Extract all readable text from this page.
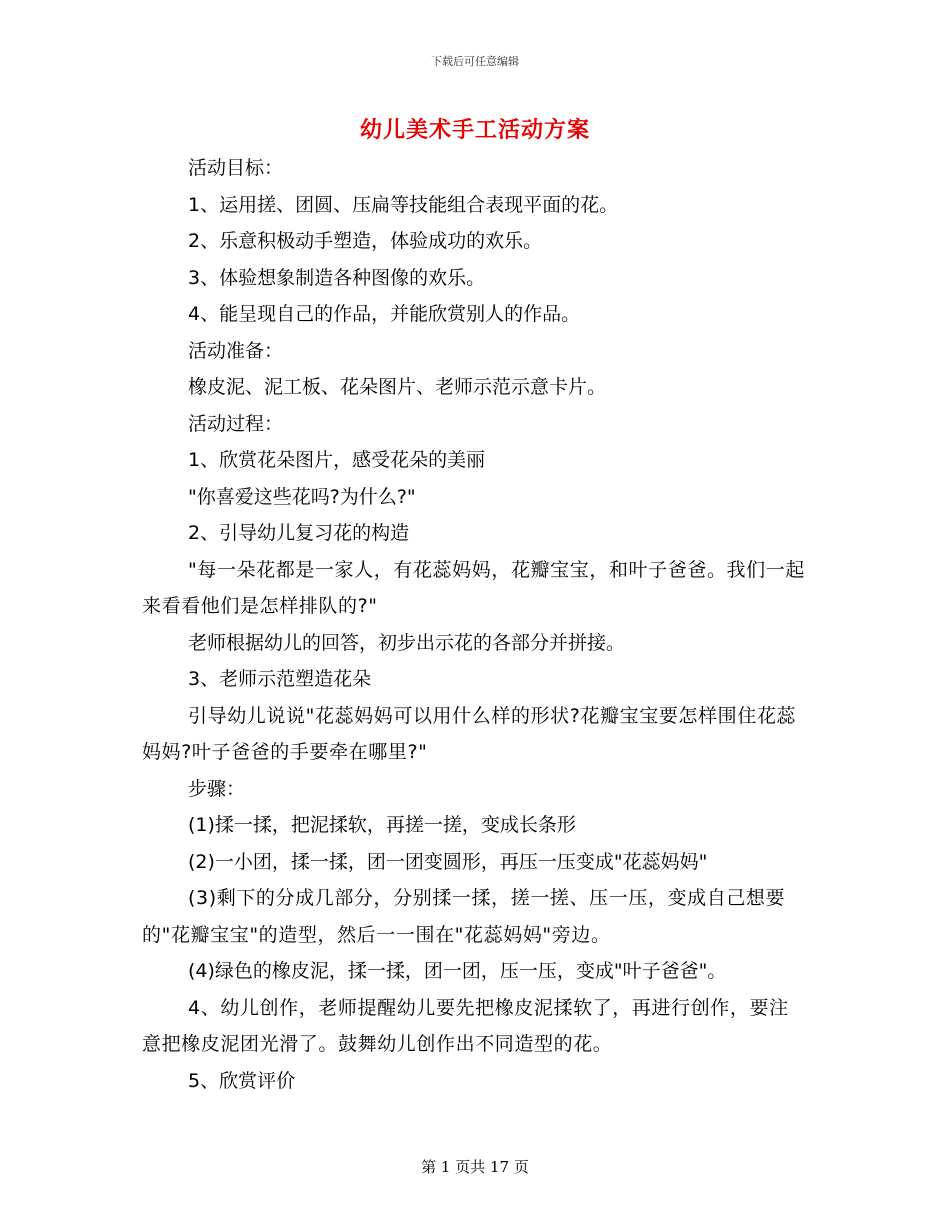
下载后可任意编辑
幼儿美术手工活动方案

活动目标：

1、运用搓、团圆、压扁等技能组合表现平面的花。

2、乐意积极动手塑造，体验成功的欢乐。

3、体验想象制造各种图像的欢乐。

4、能呈现自己的作品，并能欣赏别人的作品。

活动准备：

橡皮泥、泥工板、花朵图片、老师示范示意卡片。

活动过程：

1、欣赏花朵图片，感受花朵的美丽

"你喜爱这些花吗?为什么?"

2、引导幼儿复习花的构造

"每一朵花都是一家人，有花蕊妈妈，花瓣宝宝，和叶子爸爸。我们一起来看看他们是怎样排队的?"

老师根据幼儿的回答，初步出示花的各部分并拼接。

3、老师示范塑造花朵

引导幼儿说说"花蕊妈妈可以用什么样的形状?花瓣宝宝要怎样围住花蕊妈妈?叶子爸爸的手要牵在哪里?"

步骤：

(1)揉一揉，把泥揉软，再搓一搓，变成长条形

(2)一小团，揉一揉，团一团变圆形，再压一压变成"花蕊妈妈"

(3)剩下的分成几部分，分别揉一揉，搓一搓、压一压，变成自己想要的"花瓣宝宝"的造型，然后一一围在"花蕊妈妈"旁边。

(4)绿色的橡皮泥，揉一揉，团一团，压一压，变成"叶子爸爸"。

4、幼儿创作，老师提醒幼儿要先把橡皮泥揉软了，再进行创作，要注意把橡皮泥团光滑了。鼓舞幼儿创作出不同造型的花。

5、欣赏评价

第 1 页共 17 页
